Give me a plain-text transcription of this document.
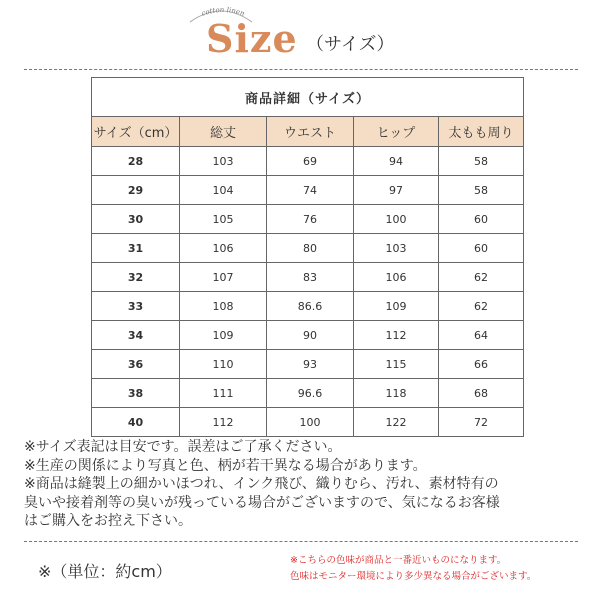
cotton linen
Size （サイズ）
商品詳細（サイズ）				
サイズ（cm）	総丈	ウエスト	ヒップ	太もも周り
28	103	69	94	58
29	104	74	97	58
30	105	76	100	60
31	106	80	103	60
32	107	83	106	62
33	108	86.6	109	62
34	109	90	112	64
36	110	93	115	66
38	111	96.6	118	68
40	112	100	122	72

※サイズ表記は目安です。誤差はご了承ください。

※生産の関係により写真と色、柄が若干異なる場合があります。

※商品は縫製上の細かいほつれ、インク飛び、織りむら、汚れ、素材特有の

臭いや接着剤等の臭いが残っている場合がございますので、気になるお客様

はご購入をお控え下さい。

※（単位：約cm）

※こちらの色味が商品と一番近いものになります。

色味はモニター環境により多少異なる場合がございます。
